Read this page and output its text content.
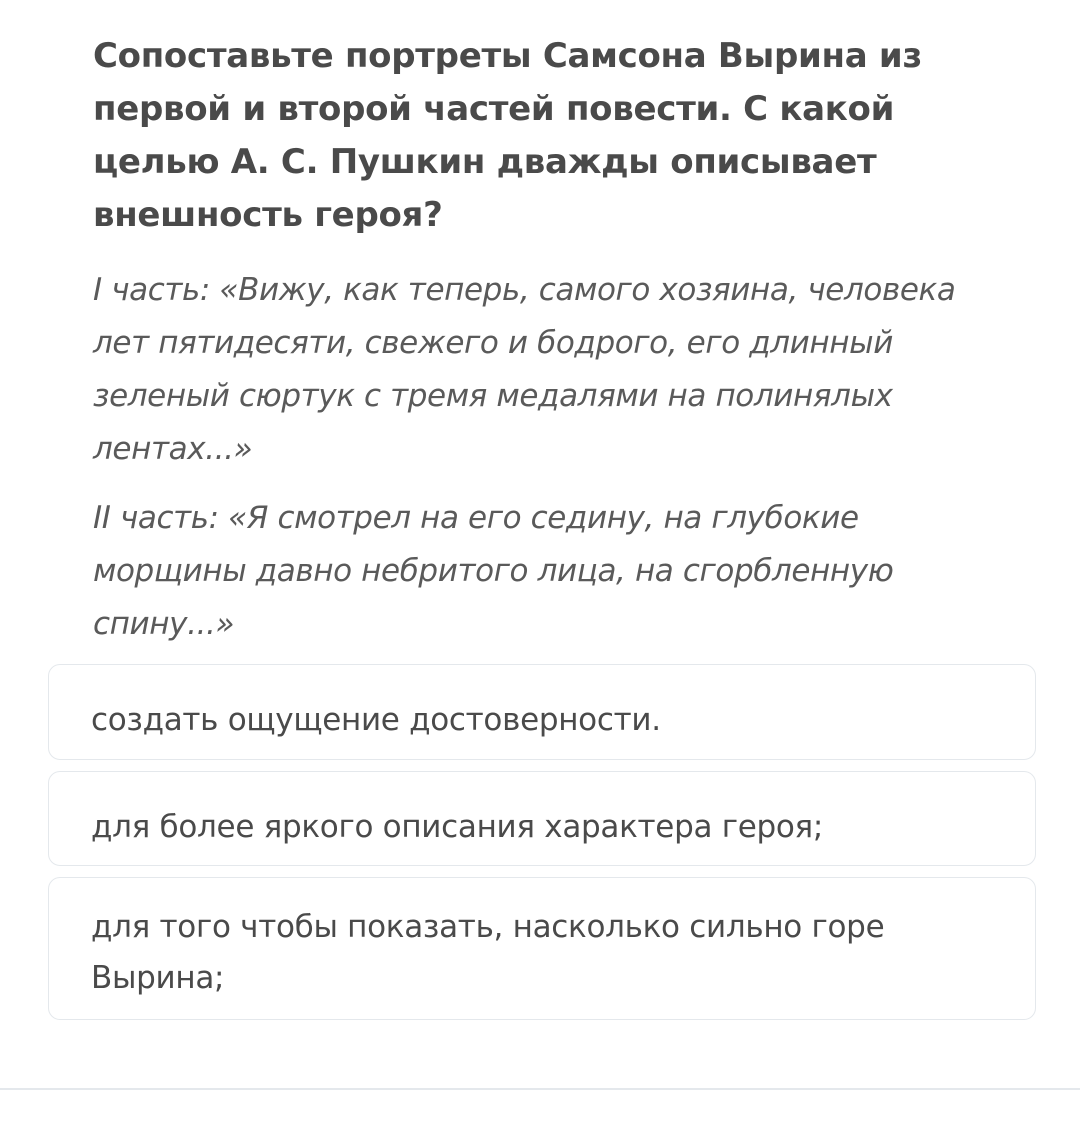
Сопоставьте портреты Самсона Вырина из первой и второй частей повести. С какой целью А. С. Пушкин дважды описывает внешность героя?

I часть: «Вижу, как теперь, самого хозяина, человека лет пятидесяти, свежего и бодрого, его длинный зеленый сюртук с тремя медалями на полинялых лентах...»

II часть: «Я смотрел на его седину, на глубокие морщины давно небритого лица, на сгорбленную спину...»

создать ощущение достоверности.
для более яркого описания характера героя;
для того чтобы показать, насколько сильно горе Вырина;
